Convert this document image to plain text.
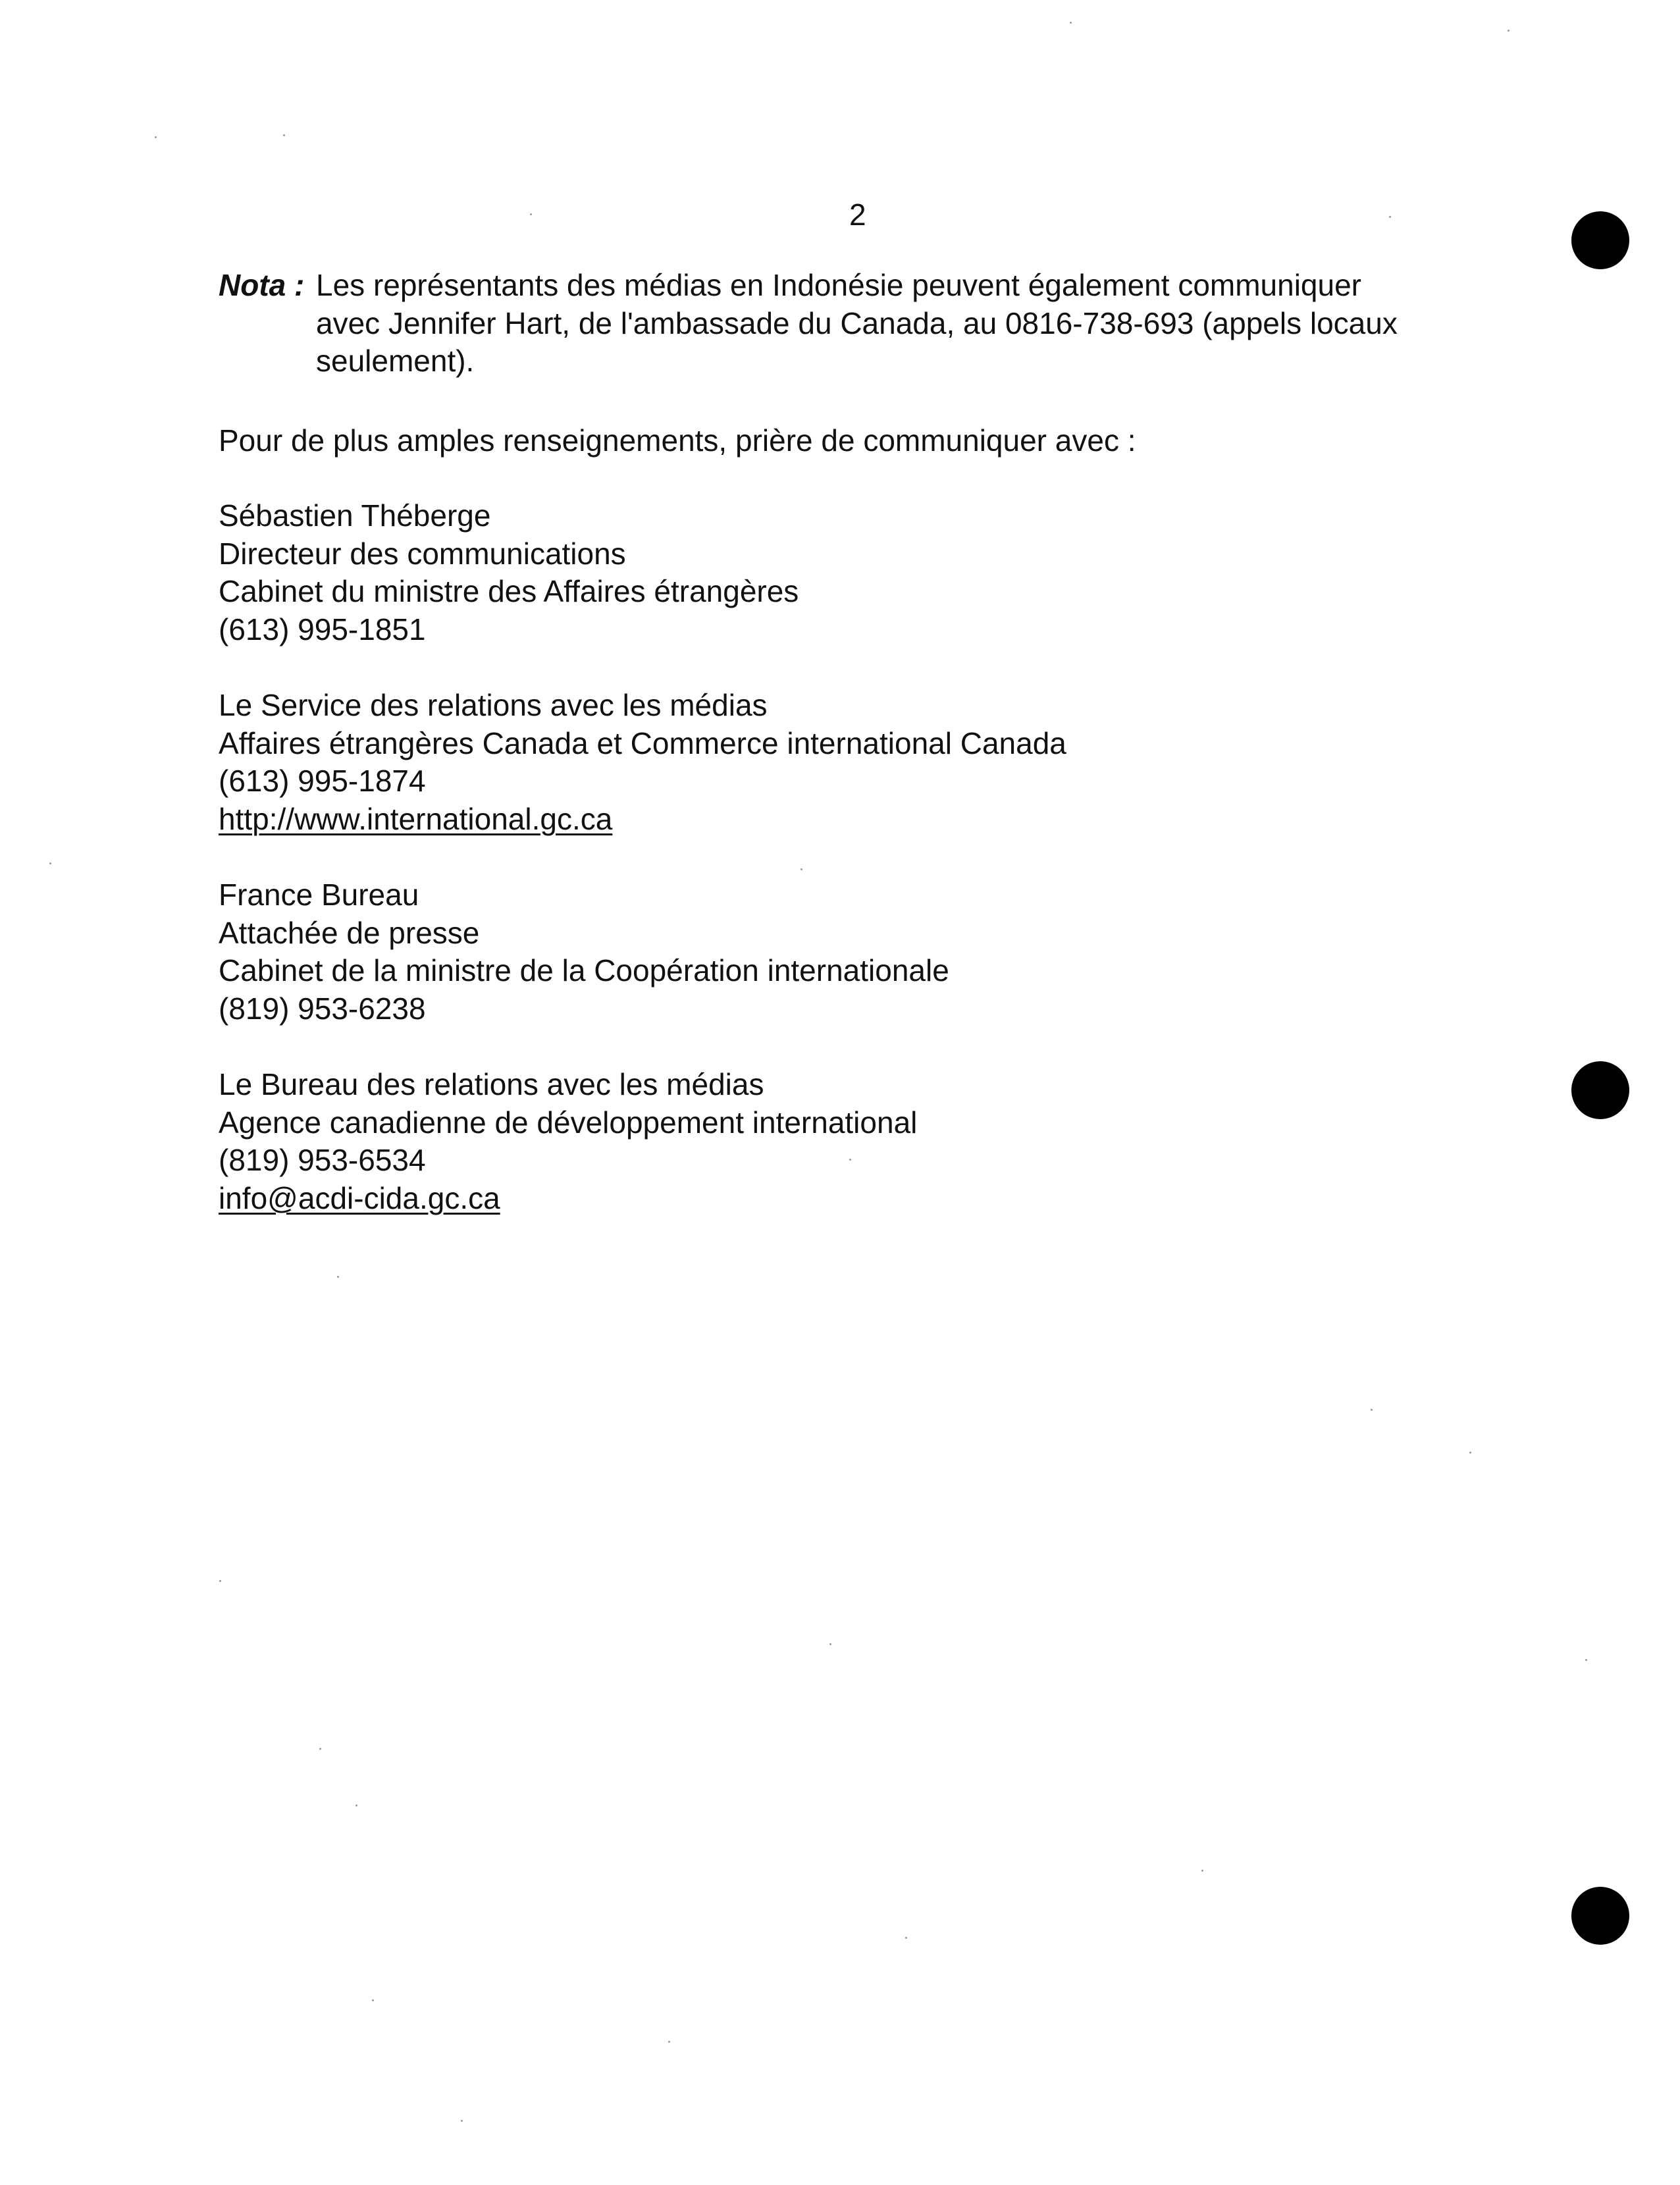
2
Nota : Les représentants des médias en Indonésie peuvent également communiquer
avec Jennifer Hart, de l'ambassade du Canada, au 0816-738-693 (appels locaux
seulement).
Pour de plus amples renseignements, prière de communiquer avec :
Sébastien Théberge
Directeur des communications
Cabinet du ministre des Affaires étrangères
(613) 995-1851
Le Service des relations avec les médias
Affaires étrangères Canada et Commerce international Canada
(613) 995-1874
http://www.international.gc.ca
France Bureau
Attachée de presse
Cabinet de la ministre de la Coopération internationale
(819) 953-6238
Le Bureau des relations avec les médias
Agence canadienne de développement international
(819) 953-6534
info@acdi-cida.gc.ca
